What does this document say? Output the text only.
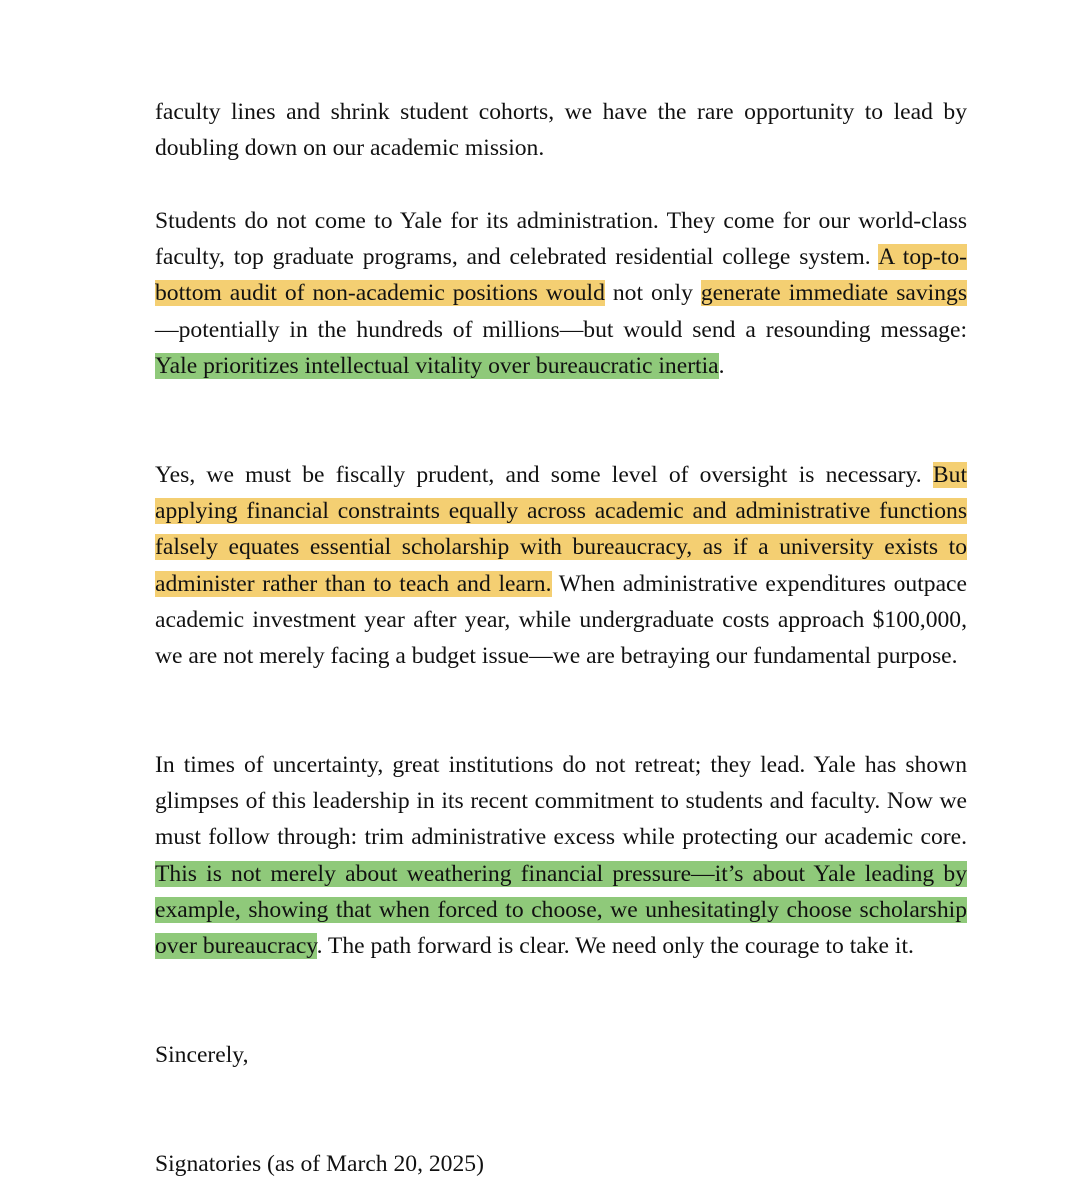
faculty lines and shrink student cohorts, we have the rare opportunity to lead by doubling down on our academic mission.

Students do not come to Yale for its administration. They come for our world-class faculty, top graduate programs, and celebrated residential college system. A top-to-bottom audit of non-academic positions would not only generate immediate savings—potentially in the hundreds of millions—but would send a resounding message: Yale prioritizes intellectual vitality over bureaucratic inertia.

Yes, we must be fiscally prudent, and some level of oversight is necessary. But applying financial constraints equally across academic and administrative functions falsely equates essential scholarship with bureaucracy, as if a university exists to administer rather than to teach and learn. When administrative expenditures outpace academic investment year after year, while undergraduate costs approach $100,000, we are not merely facing a budget issue—we are betraying our fundamental purpose.

In times of uncertainty, great institutions do not retreat; they lead. Yale has shown glimpses of this leadership in its recent commitment to students and faculty. Now we must follow through: trim administrative excess while protecting our academic core. This is not merely about weathering financial pressure—it’s about Yale leading by example, showing that when forced to choose, we unhesitatingly choose scholarship over bureaucracy. The path forward is clear. We need only the courage to take it.

Sincerely,

Signatories (as of March 20, 2025)
